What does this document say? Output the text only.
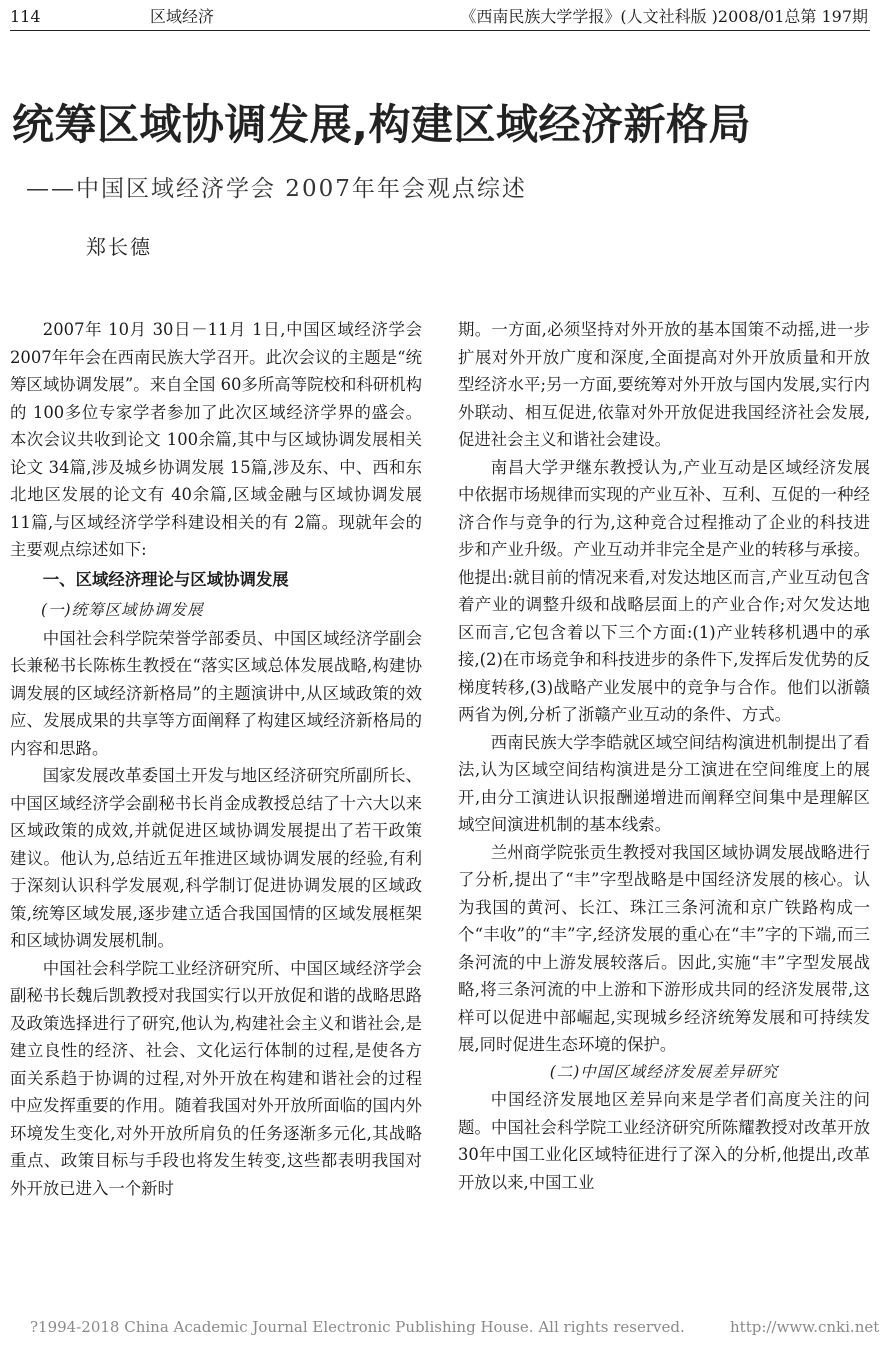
114	区域经济	《西南民族大学学报》(人文社科版 )2008/01总第 197期
统筹区域协调发展,构建区域经济新格局
——中国区域经济学会 2007年年会观点综述
郑长德

2007年 10月 30日－11月 1日,中国区域经济学会 2007年年会在西南民族大学召开。此次会议的主题是“统筹区域协调发展”。来自全国 60多所高等院校和科研机构的 100多位专家学者参加了此次区域经济学界的盛会。本次会议共收到论文 100余篇,其中与区域协调发展相关论文 34篇,涉及城乡协调发展 15篇,涉及东、中、西和东北地区发展的论文有 40余篇,区域金融与区域协调发展 11篇,与区域经济学学科建设相关的有 2篇。现就年会的主要观点综述如下:

一、区域经济理论与区域协调发展
(一)统筹区域协调发展

中国社会科学院荣誉学部委员、中国区域经济学副会长兼秘书长陈栋生教授在“落实区域总体发展战略,构建协调发展的区域经济新格局”的主题演讲中,从区域政策的效应、发展成果的共享等方面阐释了构建区域经济新格局的内容和思路。

国家发展改革委国土开发与地区经济研究所副所长、中国区域经济学会副秘书长肖金成教授总结了十六大以来区域政策的成效,并就促进区域协调发展提出了若干政策建议。他认为,总结近五年推进区域协调发展的经验,有利于深刻认识科学发展观,科学制订促进协调发展的区域政策,统筹区域发展,逐步建立适合我国国情的区域发展框架和区域协调发展机制。

中国社会科学院工业经济研究所、中国区域经济学会副秘书长魏后凯教授对我国实行以开放促和谐的战略思路及政策选择进行了研究,他认为,构建社会主义和谐社会,是建立良性的经济、社会、文化运行体制的过程,是使各方面关系趋于协调的过程,对外开放在构建和谐社会的过程中应发挥重要的作用。随着我国对外开放所面临的国内外环境发生变化,对外开放所肩负的任务逐渐多元化,其战略重点、政策目标与手段也将发生转变,这些都表明我国对外开放已进入一个新时

期。一方面,必须坚持对外开放的基本国策不动摇,进一步扩展对外开放广度和深度,全面提高对外开放质量和开放型经济水平;另一方面,要统筹对外开放与国内发展,实行内外联动、相互促进,依靠对外开放促进我国经济社会发展,促进社会主义和谐社会建设。

南昌大学尹继东教授认为,产业互动是区域经济发展中依据市场规律而实现的产业互补、互利、互促的一种经济合作与竞争的行为,这种竞合过程推动了企业的科技进步和产业升级。产业互动并非完全是产业的转移与承接。他提出:就目前的情况来看,对发达地区而言,产业互动包含着产业的调整升级和战略层面上的产业合作;对欠发达地区而言,它包含着以下三个方面:(1)产业转移机遇中的承接,(2)在市场竞争和科技进步的条件下,发挥后发优势的反梯度转移,(3)战略产业发展中的竞争与合作。他们以浙赣两省为例,分析了浙赣产业互动的条件、方式。

西南民族大学李皓就区域空间结构演进机制提出了看法,认为区域空间结构演进是分工演进在空间维度上的展开,由分工演进认识报酬递增进而阐释空间集中是理解区域空间演进机制的基本线索。

兰州商学院张贡生教授对我国区域协调发展战略进行了分析,提出了“丰”字型战略是中国经济发展的核心。认为我国的黄河、长江、珠江三条河流和京广铁路构成一个“丰收”的“丰”字,经济发展的重心在“丰”字的下端,而三条河流的中上游发展较落后。因此,实施“丰”字型发展战略,将三条河流的中上游和下游形成共同的经济发展带,这样可以促进中部崛起,实现城乡经济统筹发展和可持续发展,同时促进生态环境的保护。

(二)中国区域经济发展差异研究

中国经济发展地区差异向来是学者们高度关注的问题。中国社会科学院工业经济研究所陈耀教授对改革开放 30年中国工业化区域特征进行了深入的分析,他提出,改革开放以来,中国工业

?1994-2018 China Academic Journal Electronic Publishing House. All rights reserved.	http://www.cnki.net
